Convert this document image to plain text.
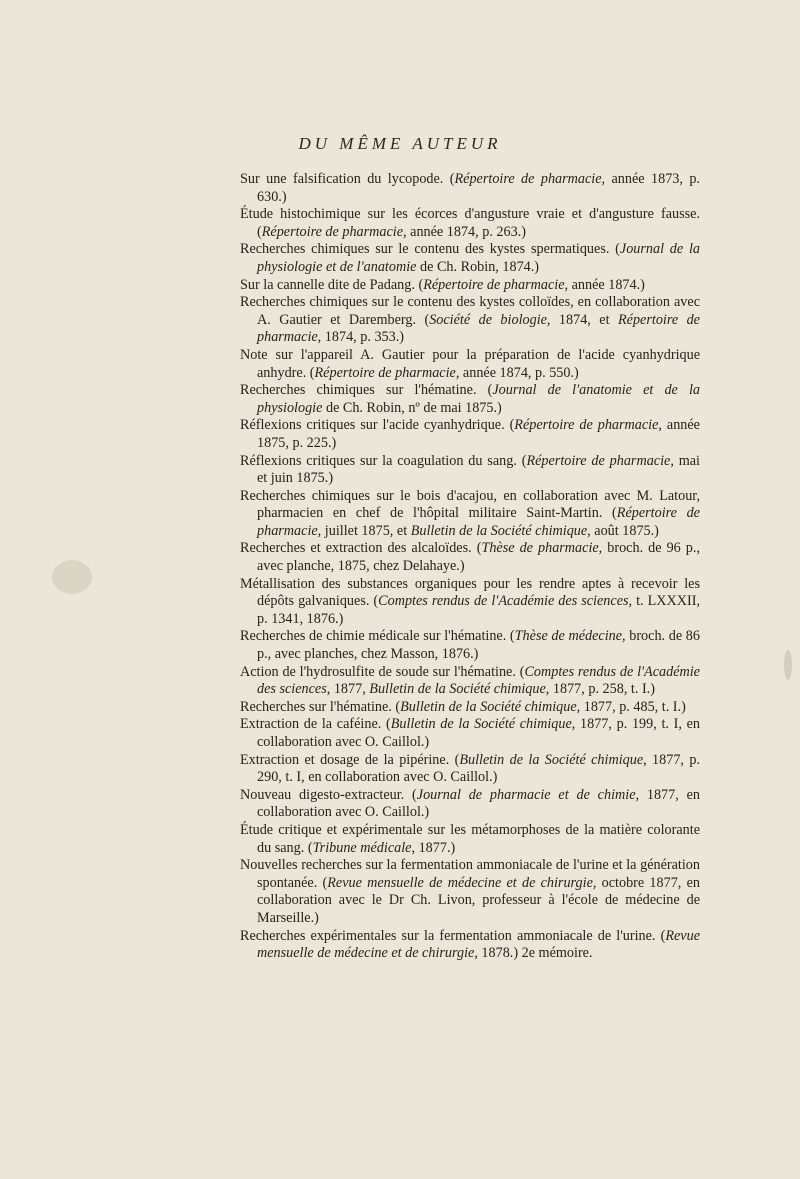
DU MÊME AUTEUR

Sur une falsification du lycopode. (Répertoire de pharmacie, année 1873, p. 630.)

Étude histochimique sur les écorces d'angusture vraie et d'angusture fausse. (Répertoire de pharmacie, année 1874, p. 263.)

Recherches chimiques sur le contenu des kystes spermatiques. (Journal de la physiologie et de l'anatomie de Ch. Robin, 1874.)

Sur la cannelle dite de Padang. (Répertoire de pharmacie, année 1874.)

Recherches chimiques sur le contenu des kystes colloïdes, en collaboration avec A. Gautier et Daremberg. (Société de biologie, 1874, et Répertoire de pharmacie, 1874, p. 353.)

Note sur l'appareil A. Gautier pour la préparation de l'acide cyanhydrique anhydre. (Répertoire de pharmacie, année 1874, p. 550.)

Recherches chimiques sur l'hématine. (Journal de l'anatomie et de la physiologie de Ch. Robin, nº de mai 1875.)

Réflexions critiques sur l'acide cyanhydrique. (Répertoire de pharmacie, année 1875, p. 225.)

Réflexions critiques sur la coagulation du sang. (Répertoire de pharmacie, mai et juin 1875.)

Recherches chimiques sur le bois d'acajou, en collaboration avec M. Latour, pharmacien en chef de l'hôpital militaire Saint-Martin. (Répertoire de pharmacie, juillet 1875, et Bulletin de la Société chimique, août 1875.)

Recherches et extraction des alcaloïdes. (Thèse de pharmacie, broch. de 96 p., avec planche, 1875, chez Delahaye.)

Métallisation des substances organiques pour les rendre aptes à recevoir les dépôts galvaniques. (Comptes rendus de l'Académie des sciences, t. LXXXII, p. 1341, 1876.)

Recherches de chimie médicale sur l'hématine. (Thèse de médecine, broch. de 86 p., avec planches, chez Masson, 1876.)

Action de l'hydrosulfite de soude sur l'hématine. (Comptes rendus de l'Académie des sciences, 1877, Bulletin de la Société chimique, 1877, p. 258, t. I.)

Recherches sur l'hématine. (Bulletin de la Société chimique, 1877, p. 485, t. I.)

Extraction de la caféine. (Bulletin de la Société chimique, 1877, p. 199, t. I, en collaboration avec O. Caillol.)

Extraction et dosage de la pipérine. (Bulletin de la Société chimique, 1877, p. 290, t. I, en collaboration avec O. Caillol.)

Nouveau digesto-extracteur. (Journal de pharmacie et de chimie, 1877, en collaboration avec O. Caillol.)

Étude critique et expérimentale sur les métamorphoses de la matière colorante du sang. (Tribune médicale, 1877.)

Nouvelles recherches sur la fermentation ammoniacale de l'urine et la génération spontanée. (Revue mensuelle de médecine et de chirurgie, octobre 1877, en collaboration avec le Dr Ch. Livon, professeur à l'école de médecine de Marseille.)

Recherches expérimentales sur la fermentation ammoniacale de l'urine. (Revue mensuelle de médecine et de chirurgie, 1878.) 2e mémoire.
